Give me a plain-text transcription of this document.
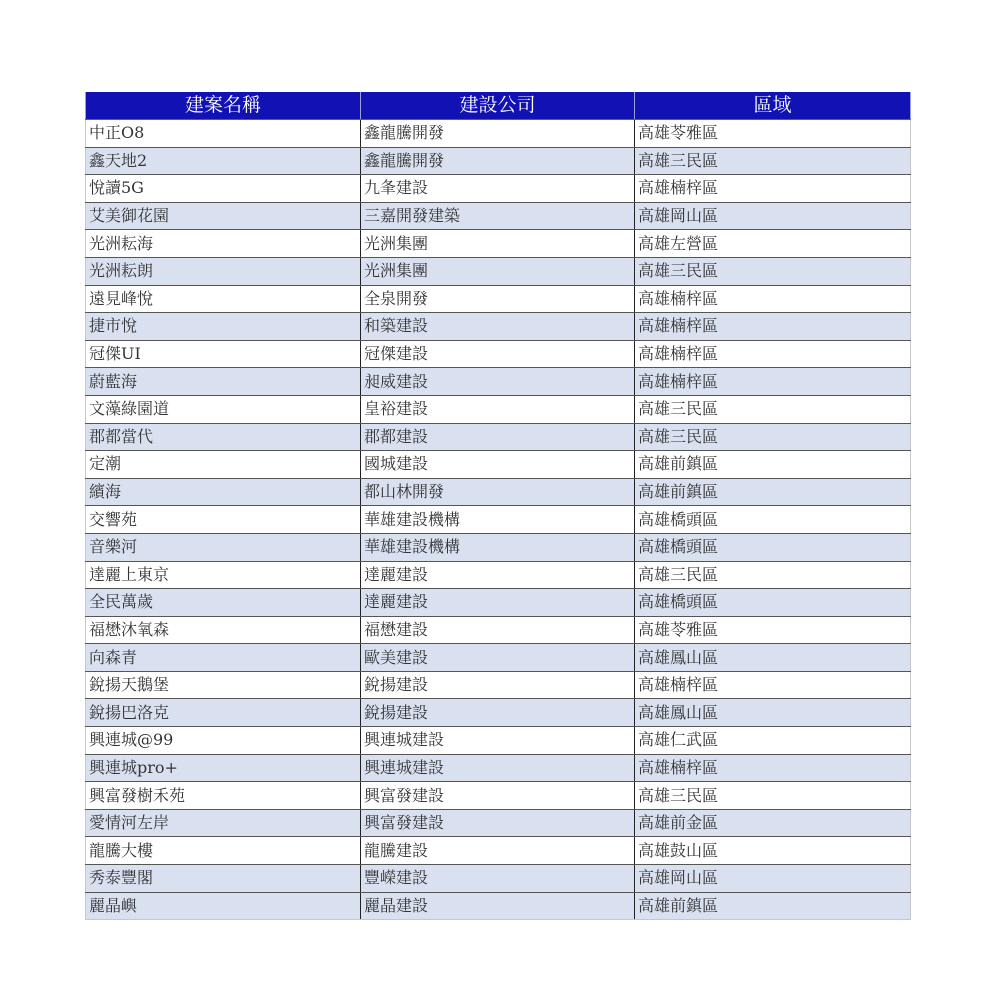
建案名稱	建設公司	區域
中正O8	鑫龍騰開發	高雄苓雅區
鑫天地2	鑫龍騰開發	高雄三民區
悅讀5G	九夆建設	高雄楠梓區
艾美御花園	三嘉開發建築	高雄岡山區
光洲耘海	光洲集團	高雄左營區
光洲耘朗	光洲集團	高雄三民區
遠見峰悅	全泉開發	高雄楠梓區
捷市悅	和築建設	高雄楠梓區
冠傑UI	冠傑建設	高雄楠梓區
蔚藍海	昶威建設	高雄楠梓區
文藻綠園道	皇裕建設	高雄三民區
郡都當代	郡都建設	高雄三民區
定潮	國城建設	高雄前鎮區
繽海	都山林開發	高雄前鎮區
交響苑	華雄建設機構	高雄橋頭區
音樂河	華雄建設機構	高雄橋頭區
達麗上東京	達麗建設	高雄三民區
全民萬歲	達麗建設	高雄橋頭區
福懋沐氧森	福懋建設	高雄苓雅區
向森青	歐美建設	高雄鳳山區
銳揚天鵝堡	銳揚建設	高雄楠梓區
銳揚巴洛克	銳揚建設	高雄鳳山區
興連城@99	興連城建設	高雄仁武區
興連城pro+	興連城建設	高雄楠梓區
興富發樹禾苑	興富發建設	高雄三民區
愛情河左岸	興富發建設	高雄前金區
龍騰大樓	龍騰建設	高雄鼓山區
秀泰豐閣	豐嶸建設	高雄岡山區
麗晶嶼	麗晶建設	高雄前鎮區
